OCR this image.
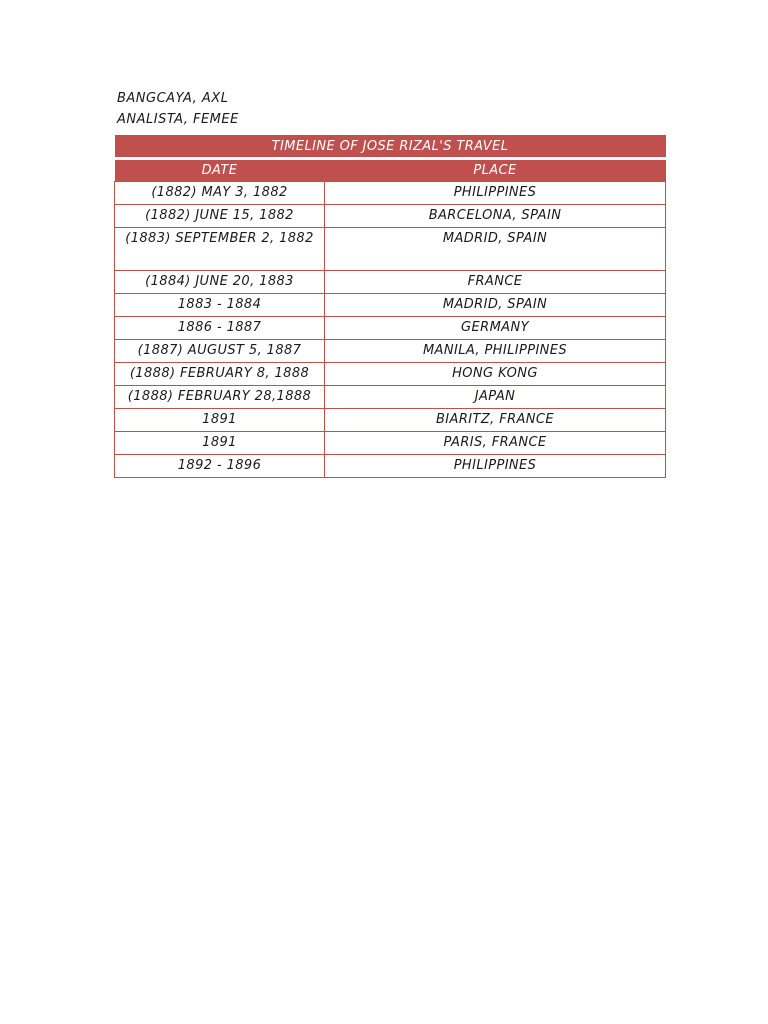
BANGCAYA, AXL
ANALISTA, FEMEE
TIMELINE OF JOSE RIZAL'S TRAVEL	
DATE	PLACE
(1882) MAY 3, 1882	PHILIPPINES
(1882) JUNE 15, 1882	BARCELONA, SPAIN
(1883) SEPTEMBER 2, 1882	MADRID, SPAIN
(1884) JUNE 20, 1883	FRANCE
1883 - 1884	MADRID, SPAIN
1886 - 1887	GERMANY
(1887) AUGUST 5, 1887	MANILA, PHILIPPINES
(1888) FEBRUARY 8, 1888	HONG KONG
(1888) FEBRUARY 28,1888	JAPAN
1891	BIARITZ, FRANCE
1891	PARIS, FRANCE
1892 - 1896	PHILIPPINES
